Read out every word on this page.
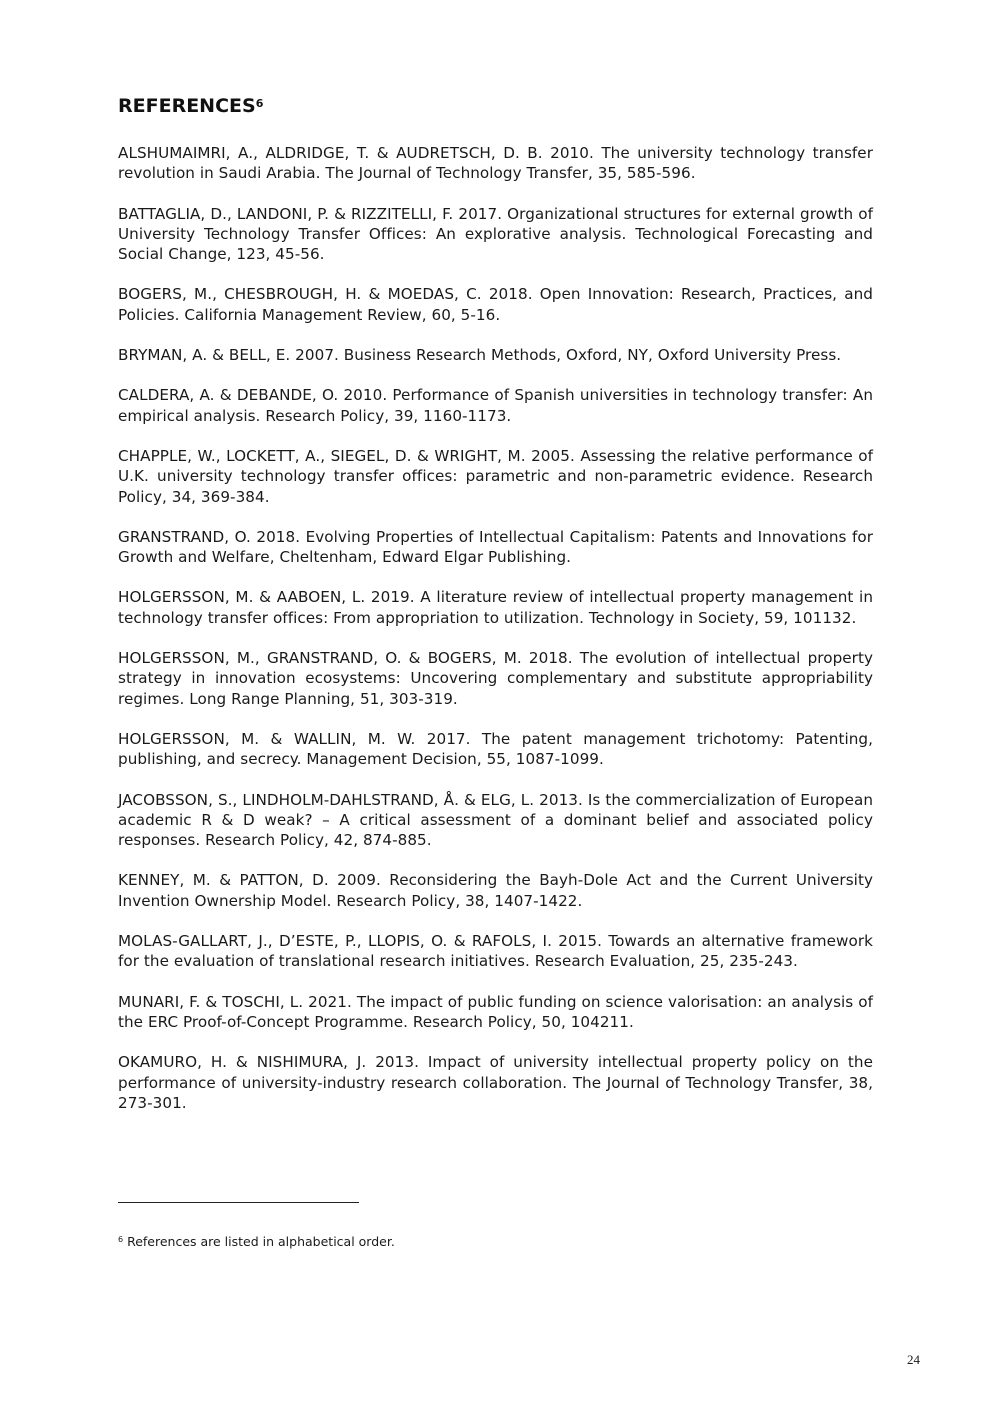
REFERENCES$^6$
ALSHUMAIMRI, A., ALDRIDGE, T. & AUDRETSCH, D. B. 2010. The university technology transfer revolution in Saudi Arabia. The Journal of Technology Transfer, 35, 585-596.
BATTAGLIA, D., LANDONI, P. & RIZZITELLI, F. 2017. Organizational structures for external growth of University Technology Transfer Offices: An explorative analysis. Technological Forecasting and Social Change, 123, 45-56.
BOGERS, M., CHESBROUGH, H. & MOEDAS, C. 2018. Open Innovation: Research, Practices, and Policies. California Management Review, 60, 5-16.
BRYMAN, A. & BELL, E. 2007. Business Research Methods, Oxford, NY, Oxford University Press.
CALDERA, A. & DEBANDE, O. 2010. Performance of Spanish universities in technology transfer: An empirical analysis. Research Policy, 39, 1160-1173.
CHAPPLE, W., LOCKETT, A., SIEGEL, D. & WRIGHT, M. 2005. Assessing the relative performance of U.K. university technology transfer offices: parametric and non-parametric evidence. Research Policy, 34, 369-384.
GRANSTRAND, O. 2018. Evolving Properties of Intellectual Capitalism: Patents and Innovations for Growth and Welfare, Cheltenham, Edward Elgar Publishing.
HOLGERSSON, M. & AABOEN, L. 2019. A literature review of intellectual property management in technology transfer offices: From appropriation to utilization. Technology in Society, 59, 101132.
HOLGERSSON, M., GRANSTRAND, O. & BOGERS, M. 2018. The evolution of intellectual property strategy in innovation ecosystems: Uncovering complementary and substitute appropriability regimes. Long Range Planning, 51, 303-319.
HOLGERSSON, M. & WALLIN, M. W. 2017. The patent management trichotomy: Patenting, publishing, and secrecy. Management Decision, 55, 1087-1099.
JACOBSSON, S., LINDHOLM-DAHLSTRAND, Å. & ELG, L. 2013. Is the commercialization of European academic R & D weak? – A critical assessment of a dominant belief and associated policy responses. Research Policy, 42, 874-885.
KENNEY, M. & PATTON, D. 2009. Reconsidering the Bayh-Dole Act and the Current University Invention Ownership Model. Research Policy, 38, 1407-1422.
MOLAS-GALLART, J., D’ESTE, P., LLOPIS, O. & RAFOLS, I. 2015. Towards an alternative framework for the evaluation of translational research initiatives. Research Evaluation, 25, 235-243.
MUNARI, F. & TOSCHI, L. 2021. The impact of public funding on science valorisation: an analysis of the ERC Proof-of-Concept Programme. Research Policy, 50, 104211.
OKAMURO, H. & NISHIMURA, J. 2013. Impact of university intellectual property policy on the performance of university-industry research collaboration. The Journal of Technology Transfer, 38, 273-301.
$^6$ References are listed in alphabetical order.
24
